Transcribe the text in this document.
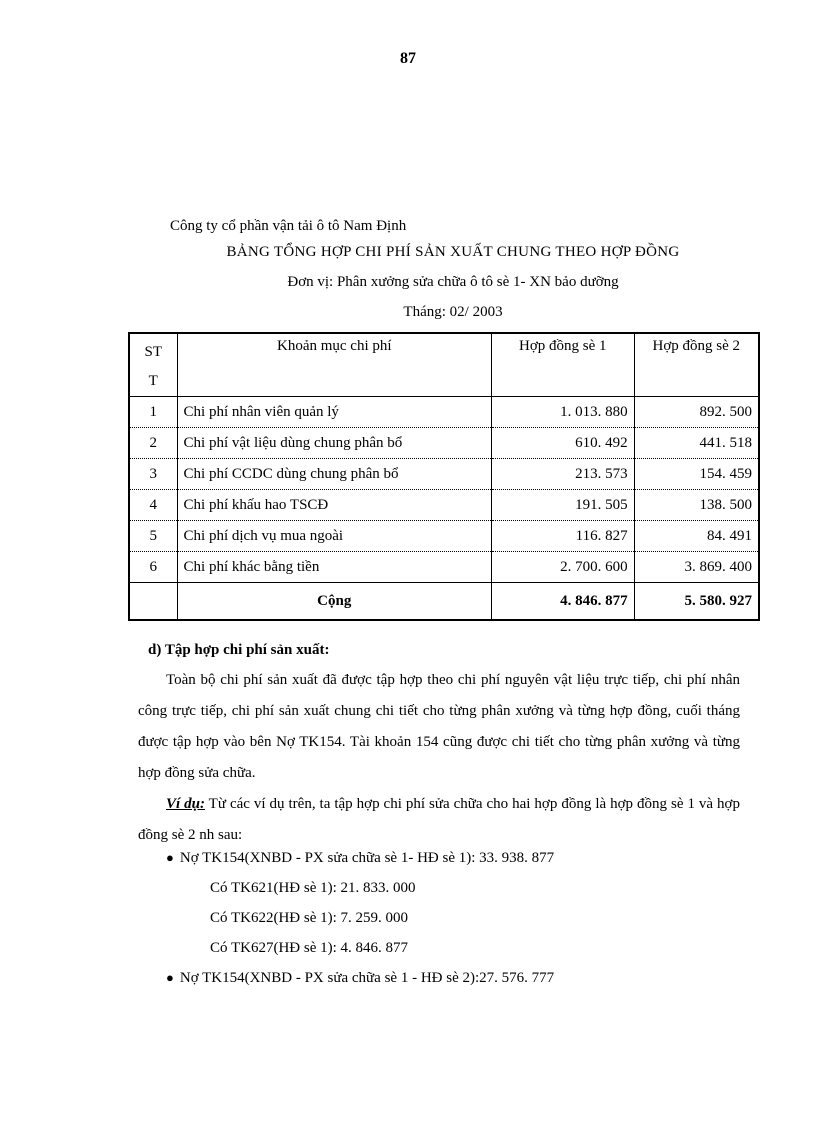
87
Công ty cổ phần vận tải ô tô Nam Định
BẢNG TỔNG HỢP CHI PHÍ SẢN XUẤT CHUNG THEO HỢP ĐỒNG
Đơn vị: Phân xưởng sửa chữa ô tô sè 1- XN bảo dưỡng
Tháng: 02/ 2003
ST
T	Khoản mục chi phí	Hợp đồng sè 1	Hợp đồng sè 2
1	Chi phí nhân viên quản lý	1. 013. 880	892. 500
2	Chi phí vật liệu dùng chung phân bổ	610. 492	441. 518
3	Chi phí CCDC dùng chung phân bổ	213. 573	154. 459
4	Chi phí khấu hao TSCĐ	191. 505	138. 500
5	Chi phí dịch vụ mua ngoài	116. 827	84. 491
6	Chi phí khác bằng tiền	2. 700. 600	3. 869. 400
	Cộng	4. 846. 877	5. 580. 927
d) Tập hợp chi phí sản xuất:
Toàn bộ chi phí sản xuất đã được tập hợp theo chi phí nguyên vật liệu trực tiếp, chi phí nhân công trực tiếp, chi phí sản xuất chung chi tiết cho từng phân xưởng và từng hợp đồng, cuối tháng được tập hợp vào bên Nợ TK154. Tài khoản 154 cũng được chi tiết cho từng phân xưởng và từng hợp đồng sửa chữa.
Ví dụ: Từ các ví dụ trên, ta tập hợp chi phí sửa chữa cho hai hợp đồng là hợp đồng sè 1 và hợp đồng sè 2 nh sau:
● Nợ TK154(XNBD - PX sửa chữa sè 1- HĐ sè 1): 33. 938. 877
Có TK621(HĐ sè 1): 21. 833. 000
Có TK622(HĐ sè 1): 7. 259. 000
Có TK627(HĐ sè 1): 4. 846. 877
● Nợ TK154(XNBD - PX sửa chữa sè 1 - HĐ sè 2):27. 576. 777
